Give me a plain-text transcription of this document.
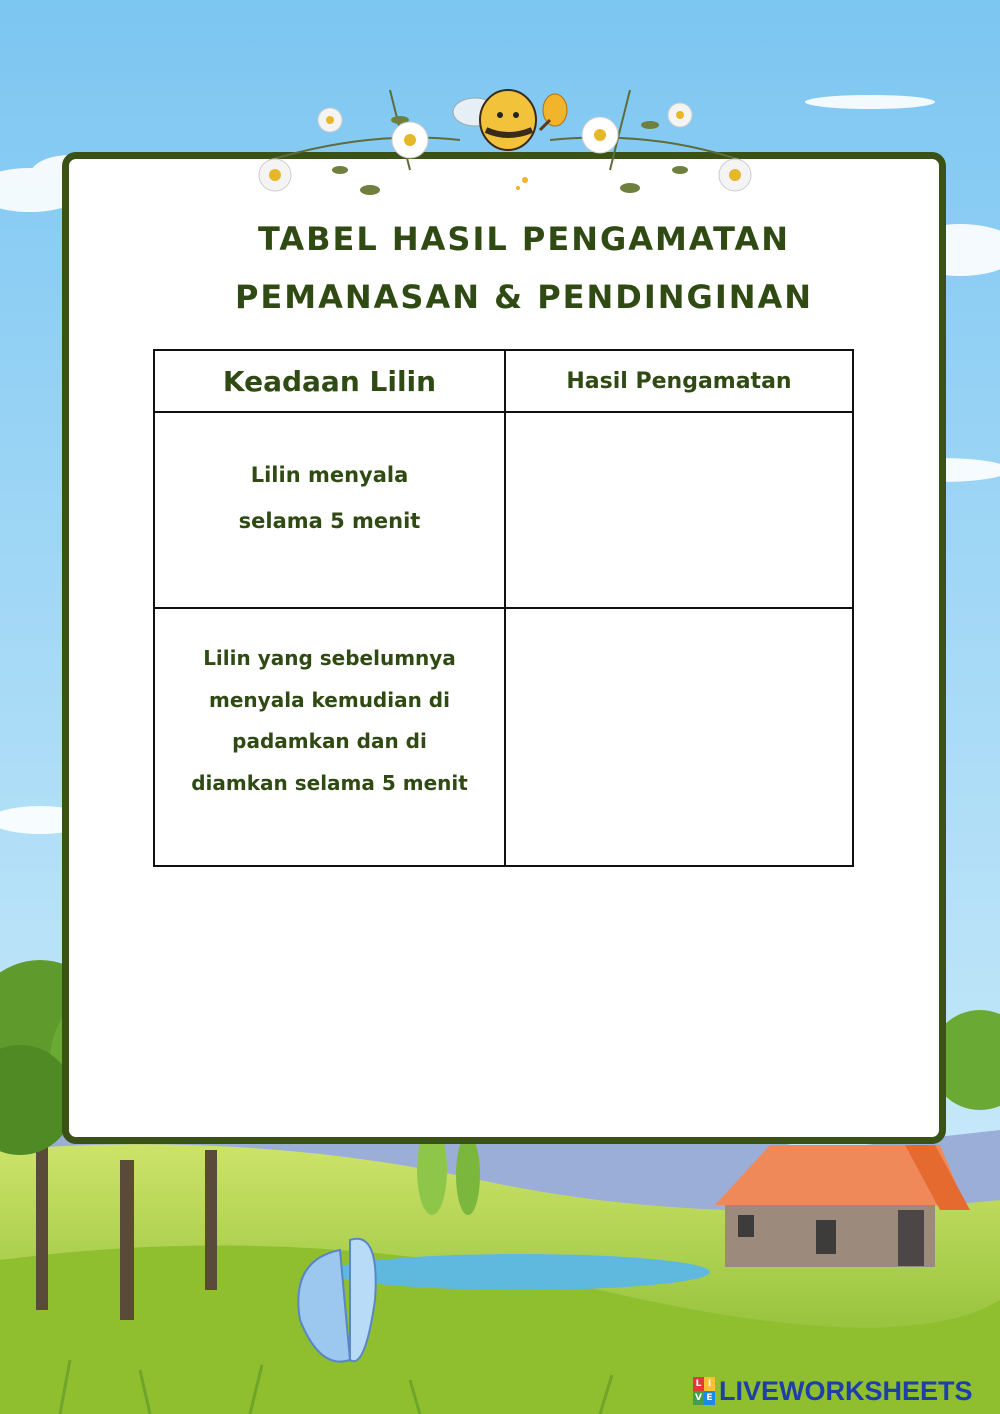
TABEL HASIL PENGAMATAN
PEMANASAN & PENDINGINAN
Keadaan Lilin	Hasil Pengamatan

Lilin menyala
selama 5 menit	

Lilin yang sebelumnya
menyala kemudian di
padamkan dan di
diamkan selama 5 menit	

L I
V E LIVEWORKSHEETS
